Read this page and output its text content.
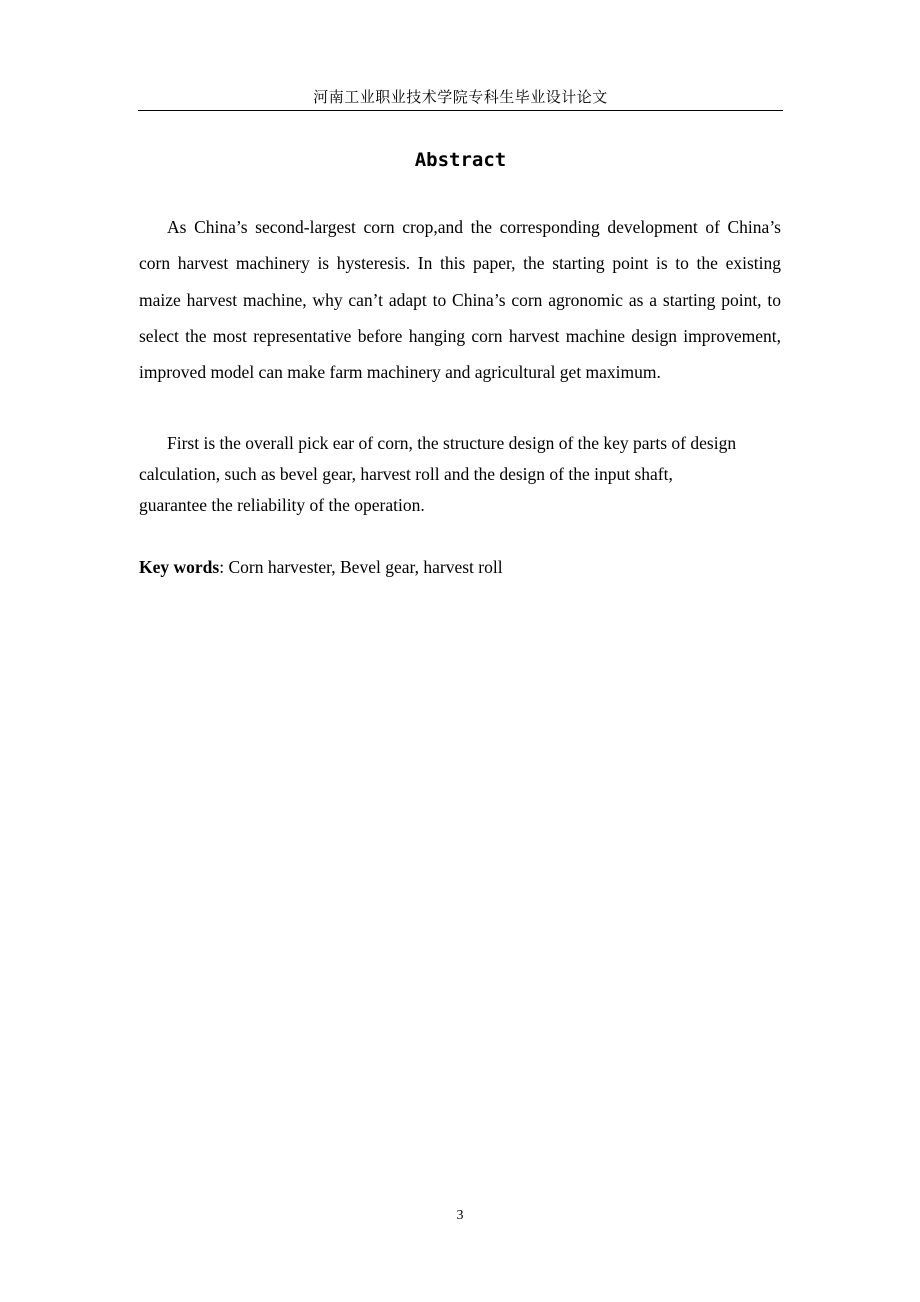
河南工业职业技术学院专科生毕业设计论文
Abstract

As China’s second-largest corn crop,and the corresponding development of China’s corn harvest machinery is hysteresis. In this paper, the starting point is to the existing maize harvest machine, why can’t adapt to China’s corn agronomic as a starting point, to select the most representative before hanging corn harvest machine design improvement, improved model can make farm machinery and agricultural get maximum.

First is the overall pick ear of corn, the structure design of the key parts of design
calculation, such as bevel gear, harvest roll and the design of the input shaft,
guarantee the reliability of the operation.

Key words: Corn harvester, Bevel gear, harvest roll

3
